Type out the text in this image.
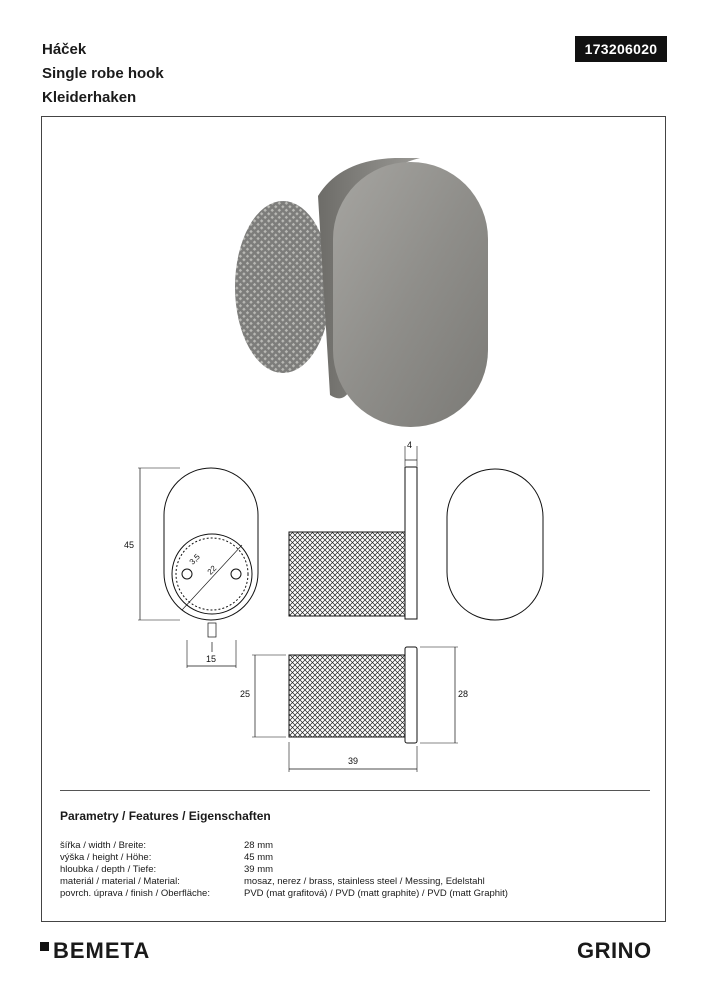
Háček
Single robe hook
Kleiderhaken
173206020
45
3,5
22
15
4
25	28
39
Parametry / Features / Eigenschaften
šířka / width / Breite:	28 mm
výška / height / Höhe:	45 mm
hloubka / depth / Tiefe:	39 mm
materiál / material / Material:	mosaz, nerez / brass, stainless steel / Messing, Edelstahl
povrch. úprava / finish / Oberfläche:	PVD (mat grafitová) / PVD (matt graphite) / PVD (matt Graphit)
BEMETA	GRINO
